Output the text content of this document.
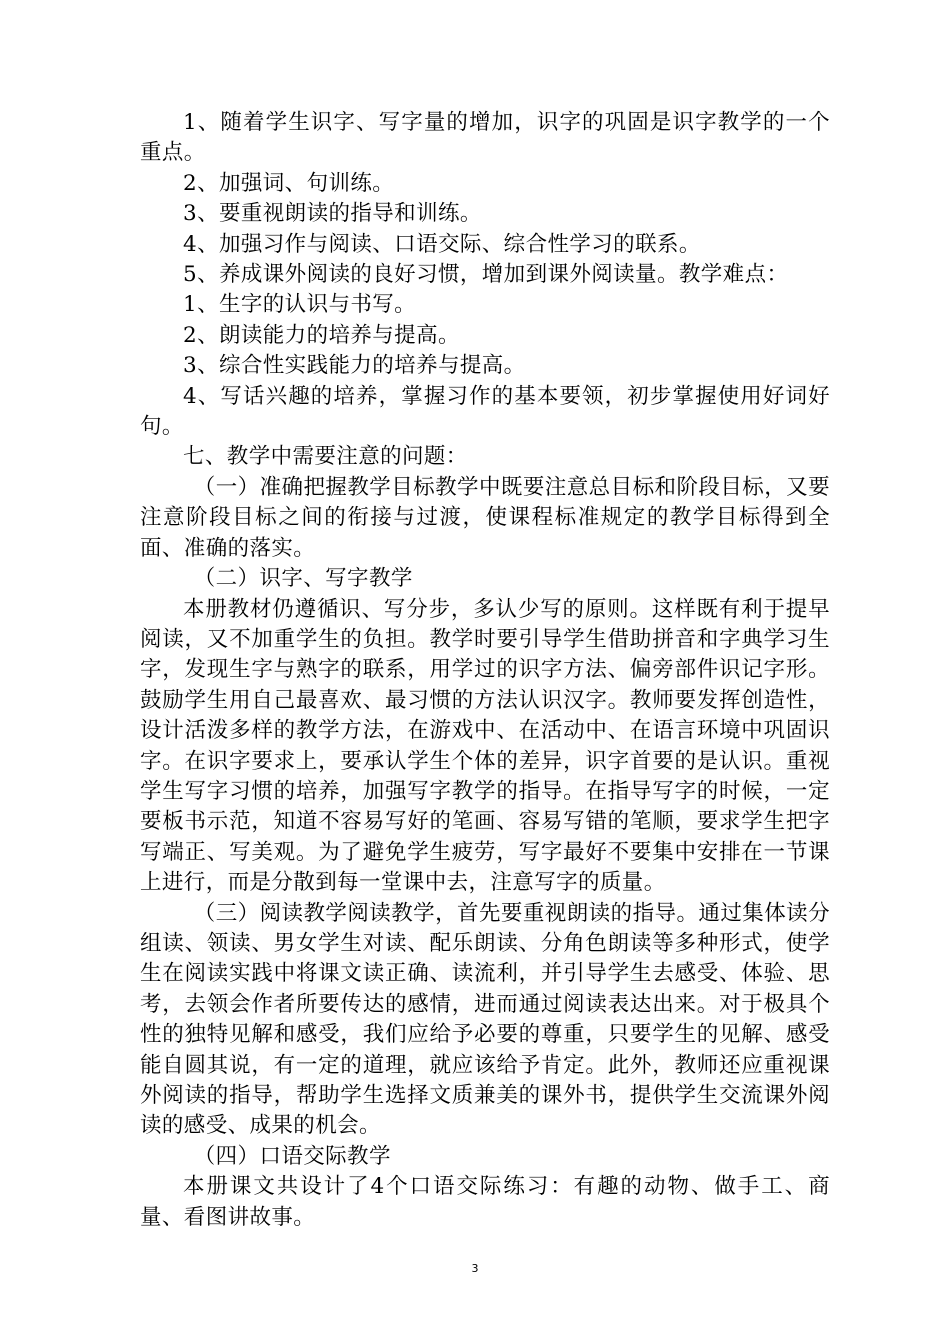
1、随着学生识字、写字量的增加，识字的巩固是识字教学的一个重点。

2、加强词、句训练。

3、要重视朗读的指导和训练。

4、加强习作与阅读、口语交际、综合性学习的联系。

5、养成课外阅读的良好习惯，增加到课外阅读量。教学难点：

1、生字的认识与书写。

2、朗读能力的培养与提高。

3、综合性实践能力的培养与提高。

4、写话兴趣的培养，掌握习作的基本要领，初步掌握使用好词好句。

七、教学中需要注意的问题：

（一）准确把握教学目标教学中既要注意总目标和阶段目标，又要注意阶段目标之间的衔接与过渡，使课程标准规定的教学目标得到全面、准确的落实。

（二）识字、写字教学

本册教材仍遵循识、写分步，多认少写的原则。这样既有利于提早阅读，又不加重学生的负担。教学时要引导学生借助拼音和字典学习生字，发现生字与熟字的联系，用学过的识字方法、偏旁部件识记字形。鼓励学生用自己最喜欢、最习惯的方法认识汉字。教师要发挥创造性，设计活泼多样的教学方法，在游戏中、在活动中、在语言环境中巩固识字。在识字要求上，要承认学生个体的差异，识字首要的是认识。重视学生写字习惯的培养，加强写字教学的指导。在指导写字的时候，一定要板书示范，知道不容易写好的笔画、容易写错的笔顺，要求学生把字写端正、写美观。为了避免学生疲劳，写字最好不要集中安排在一节课上进行，而是分散到每一堂课中去，注意写字的质量。

（三）阅读教学阅读教学，首先要重视朗读的指导。通过集体读分组读、领读、男女学生对读、配乐朗读、分角色朗读等多种形式，使学生在阅读实践中将课文读正确、读流利，并引导学生去感受、体验、思考，去领会作者所要传达的感情，进而通过阅读表达出来。对于极具个性的独特见解和感受，我们应给予必要的尊重，只要学生的见解、感受能自圆其说，有一定的道理，就应该给予肯定。此外，教师还应重视课外阅读的指导，帮助学生选择文质兼美的课外书，提供学生交流课外阅读的感受、成果的机会。

（四）口语交际教学

本册课文共设计了4个口语交际练习：有趣的动物、做手工、商量、看图讲故事。

3
